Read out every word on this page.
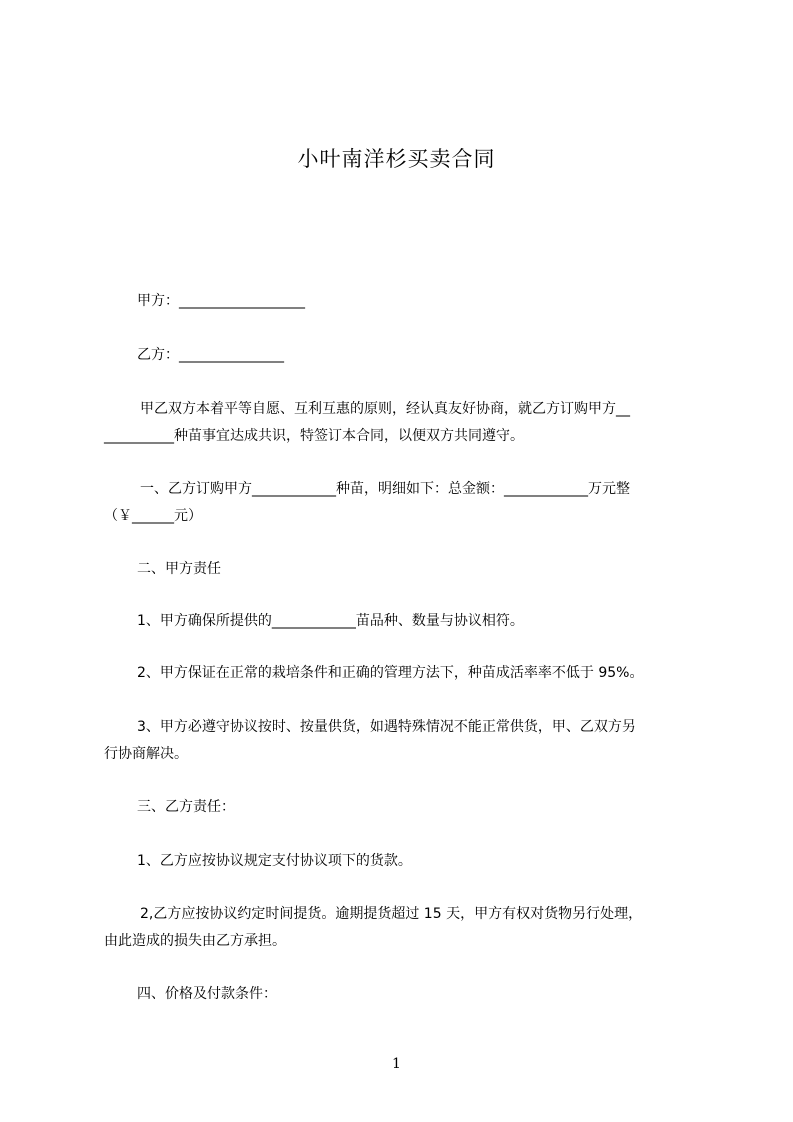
小叶南洋杉买卖合同
甲方：__________________
乙方：_______________
甲乙双方本着平等自愿、互利互惠的原则，经认真友好协商，就乙方订购甲方__
__________种苗事宜达成共识，特签订本合同，以便双方共同遵守。
一、乙方订购甲方____________种苗，明细如下：总金额：____________万元整
（￥______元）
二、甲方责任
1、甲方确保所提供的____________苗品种、数量与协议相符。
2、甲方保证在正常的栽培条件和正确的管理方法下，种苗成活率率不低于 95%。
3、甲方必遵守协议按时、按量供货，如遇特殊情况不能正常供货，甲、乙双方另
行协商解决。
三、乙方责任：
1、乙方应按协议规定支付协议项下的货款。
2,乙方应按协议约定时间提货。逾期提货超过 15 天，甲方有权对货物另行处理，
由此造成的损失由乙方承担。
四、价格及付款条件：
1
